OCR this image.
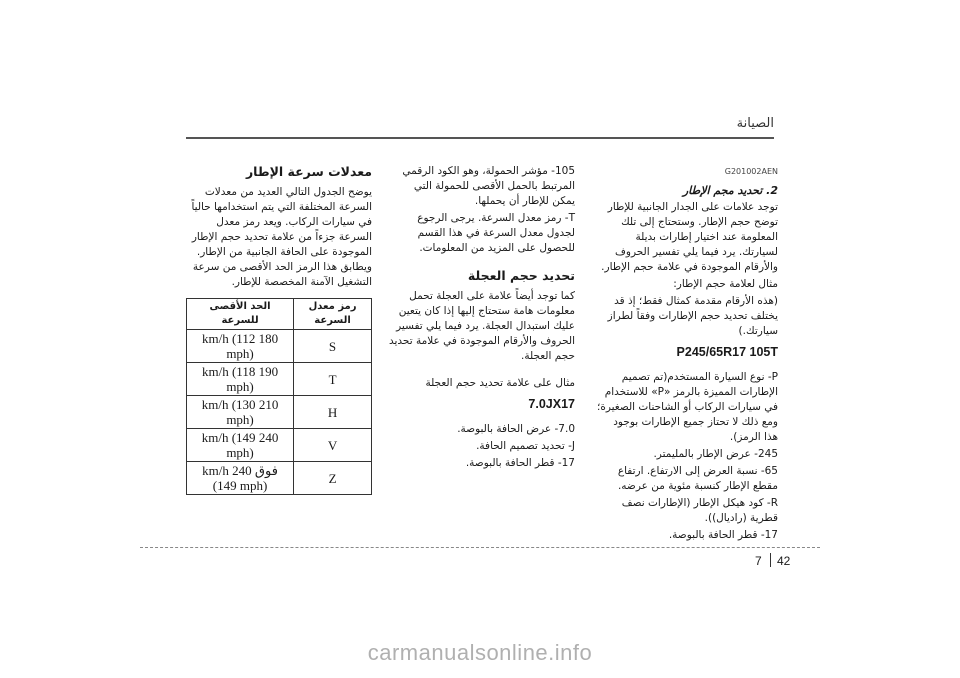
الصيانة

G201002AEN

2. تحديد مجم الإطار

توجد علامات على الجدار الجانبية للإطار توضح حجم الإطار. وستحتاج إلى تلك المعلومة عند اختيار إطارات بديلة لسيارتك. يرد فيما يلي تفسير الحروف والأرقام الموجودة في علامة حجم الإطار.

مثال لعلامة حجم الإطار:

(هذه الأرقام مقدمة كمثال فقط؛ إذ قد يختلف تحديد حجم الإطارات وفقاً لطراز سيارتك.)

P245/65R17 105T

P- نوع السيارة المستخدم(تم تصميم الإطارات المميزة بالرمز «P» للاستخدام في سيارات الركاب أو الشاحنات الصغيرة؛ ومع ذلك لا تحتاز جميع الإطارات بوجود هذا الرمز).

245- عرض الإطار بالمليمتر.

65- نسبة العرض إلى الارتفاع. ارتفاع مقطع الإطار كنسبة مئوية من عرضه.

R- كود هيكل الإطار (الإطارات نصف قطرية (راديال)).

17- قطر الحافة بالبوصة.

105- مؤشر الحمولة، وهو الكود الرقمي المرتبط بالحمل الأقصى للحمولة التي يمكن للإطار أن يحملها.

T- رمز معدل السرعة. يرجى الرجوع لجدول معدل السرعة في هذا القسم للحصول على المزيد من المعلومات.

تحديد حجم العجلة

كما توجد أيضاً علامة على العجلة تحمل معلومات هامة ستحتاج إليها إذا كان يتعين عليك استبدال العجلة. يرد فيما يلي تفسير الحروف والأرقام الموجودة في علامة تحديد حجم العجلة.

مثال على علامة تحديد حجم العجلة

7.0JX17

7.0- عرض الحافة بالبوصة.

J- تحديد تصميم الحافة.

17- قطر الحافة بالبوصة.

معدلات سرعة الإطار

يوضح الجدول التالي العديد من معدلات السرعة المختلفة التي يتم استخدامها حالياً في سيارات الركاب. ويعد رمز معدل السرعة جزءاً من علامة تحديد حجم الإطار الموجودة على الحافة الجانبية من الإطار. ويطابق هذا الرمز الحد الأقصى من سرعة التشغيل الآمنة المخصصة للإطار.

رمز معدل السرعة	الحد الأقصى للسرعة
S	180 km/h (112 mph)
T	190 km/h (118 mph)
H	210 km/h (130 mph)
V	240 km/h (149 mph)
Z	فوق 240 km/h (149 mph)
7 42
carmanualsonline.info
